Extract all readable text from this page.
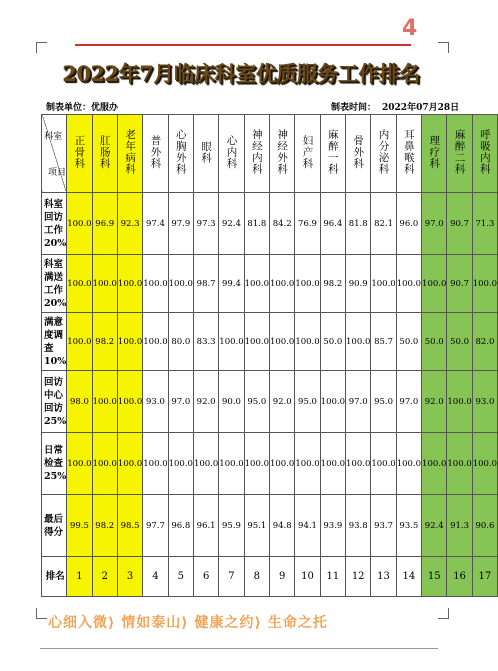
4
2022年7月临床科室优质服务工作排名
制表单位：优服办	制表时间： 2022年07月28日
科室
项目	正骨科	肛肠科	老年病科	普外科	心胸外科	眼科	心内科	神经内科	神经外科	妇产科	麻醉一科	骨外科	内分泌科	耳鼻喉科	理疗科	麻醉二科	呼吸内科
科室回访工作20%	100.0	96.9	92.3	97.4	97.9	97.3	92.4	81.8	84.2	76.9	96.4	81.8	82.1	96.0	97.0	90.7	71.3
科室满送工作20%	100.0	100.0	100.0	100.0	100.0	98.7	99.4	100.0	100.0	100.0	98.2	90.9	100.0	100.0	100.0	90.7	100.0
满意度调查10%	100.0	98.2	100.0	100.0	80.0	83.3	100.0	100.0	100.0	100.0	50.0	100.0	85.7	50.0	50.0	50.0	82.0
回访中心回访25%	98.0	100.0	100.0	93.0	97.0	92.0	90.0	95.0	92.0	95.0	100.0	97.0	95.0	97.0	92.0	100.0	93.0
日常检查25%	100.0	100.0	100.0	100.0	100.0	100.0	100.0	100.0	100.0	100.0	100.0	100.0	100.0	100.0	100.0	100.0	100.0
最后得分	99.5	98.2	98.5	97.7	96.8	96.1	95.9	95.1	94.8	94.1	93.9	93.8	93.7	93.5	92.4	91.3	90.6
排名	1	2	3	4	5	6	7	8	9	10	11	12	13	14	15	16	17
心细入微⟩ 情如泰山⟩ 健康之约⟩ 生命之托
